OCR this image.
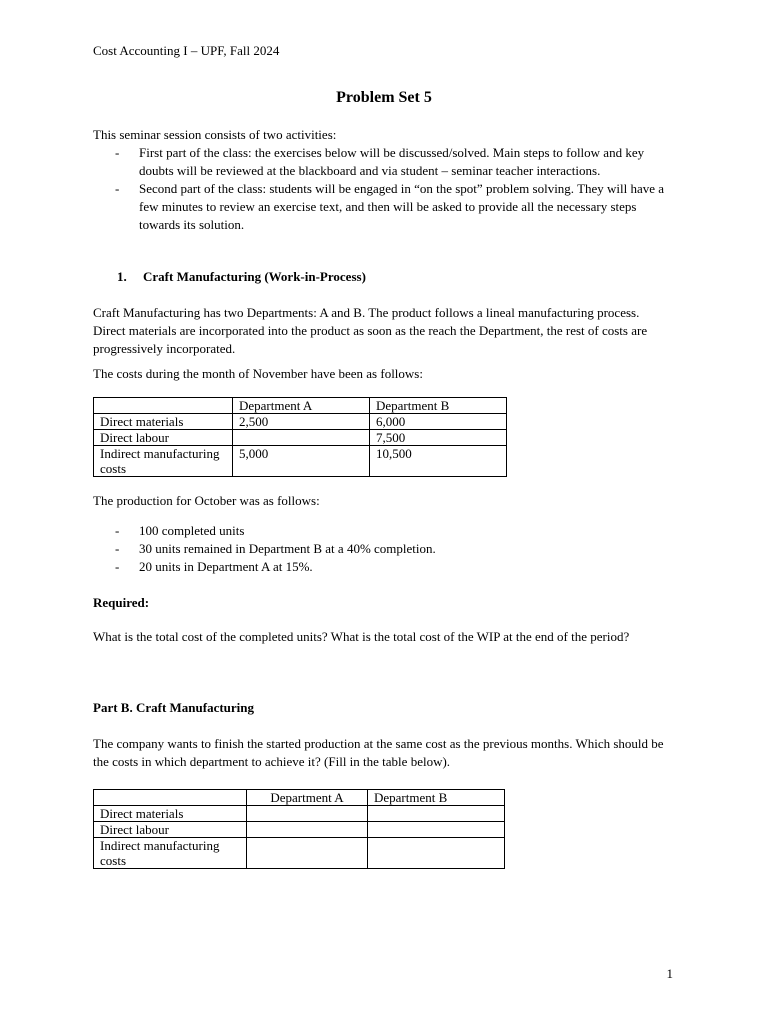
Cost Accounting I – UPF, Fall 2024
Problem Set 5
This seminar session consists of two activities:
- First part of the class: the exercises below will be discussed/solved. Main steps to follow and key doubts will be reviewed at the blackboard and via student – seminar teacher interactions.
- Second part of the class: students will be engaged in “on the spot” problem solving. They will have a few minutes to review an exercise text, and then will be asked to provide all the necessary steps towards its solution.
1. Craft Manufacturing (Work-in-Process)
Craft Manufacturing has two Departments: A and B. The product follows a lineal manufacturing process. Direct materials are incorporated into the product as soon as the reach the Department, the rest of costs are progressively incorporated.
The costs during the month of November have been as follows:
	Department A	Department B
Direct materials	2,500	6,000
Direct labour		7,500
Indirect manufacturing costs	5,000	10,500
The production for October was as follows:
- 100 completed units
- 30 units remained in Department B at a 40% completion.
- 20 units in Department A at 15%.
Required:
What is the total cost of the completed units? What is the total cost of the WIP at the end of the period?
Part B. Craft Manufacturing
The company wants to finish the started production at the same cost as the previous months. Which should be the costs in which department to achieve it? (Fill in the table below).
	Department A	Department B
Direct materials		
Direct labour		
Indirect manufacturing costs		
1
